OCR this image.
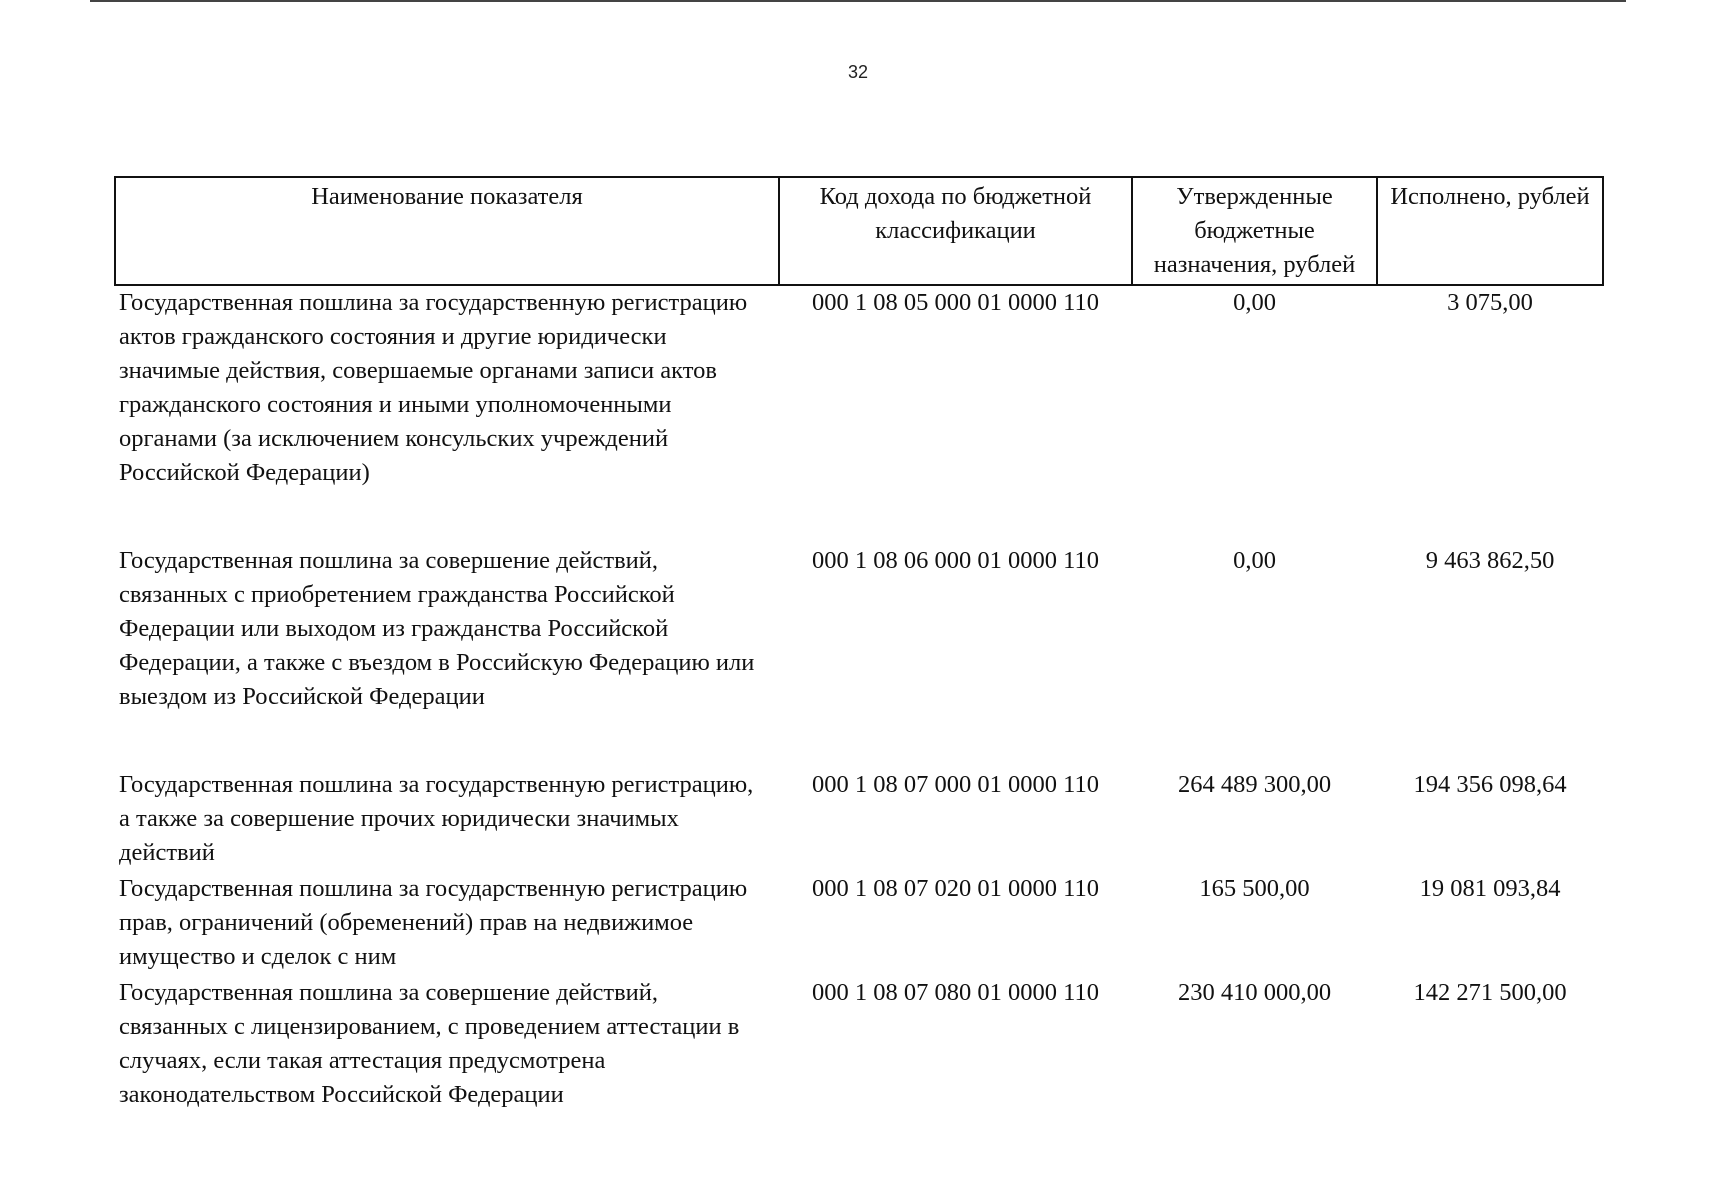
32
Наименование показателя	Код дохода по бюджетной классификации	Утвержденные бюджетные назначения, рублей	Исполнено, рублей
Государственная пошлина за государственную регистрацию актов гражданского состояния и другие юридически значимые действия, совершаемые органами записи актов гражданского состояния и иными уполномоченными органами (за исключением консульских учреждений Российской Федерации)	000 1 08 05 000 01 0000 110	0,00	3 075,00
Государственная пошлина за совершение действий, связанных с приобретением гражданства Российской Федерации или выходом из гражданства Российской Федерации, а также с въездом в Российскую Федерацию или выездом из Российской Федерации	000 1 08 06 000 01 0000 110	0,00	9 463 862,50
Государственная пошлина за государственную регистрацию, а также за совершение прочих юридически значимых действий	000 1 08 07 000 01 0000 110	264 489 300,00	194 356 098,64
Государственная пошлина за государственную регистрацию прав, ограничений (обременений) прав на недвижимое имущество и сделок с ним	000 1 08 07 020 01 0000 110	165 500,00	19 081 093,84
Государственная пошлина за совершение действий, связанных с лицензированием, с проведением аттестации в случаях, если такая аттестация предусмотрена законодательством Российской Федерации	000 1 08 07 080 01 0000 110	230 410 000,00	142 271 500,00
